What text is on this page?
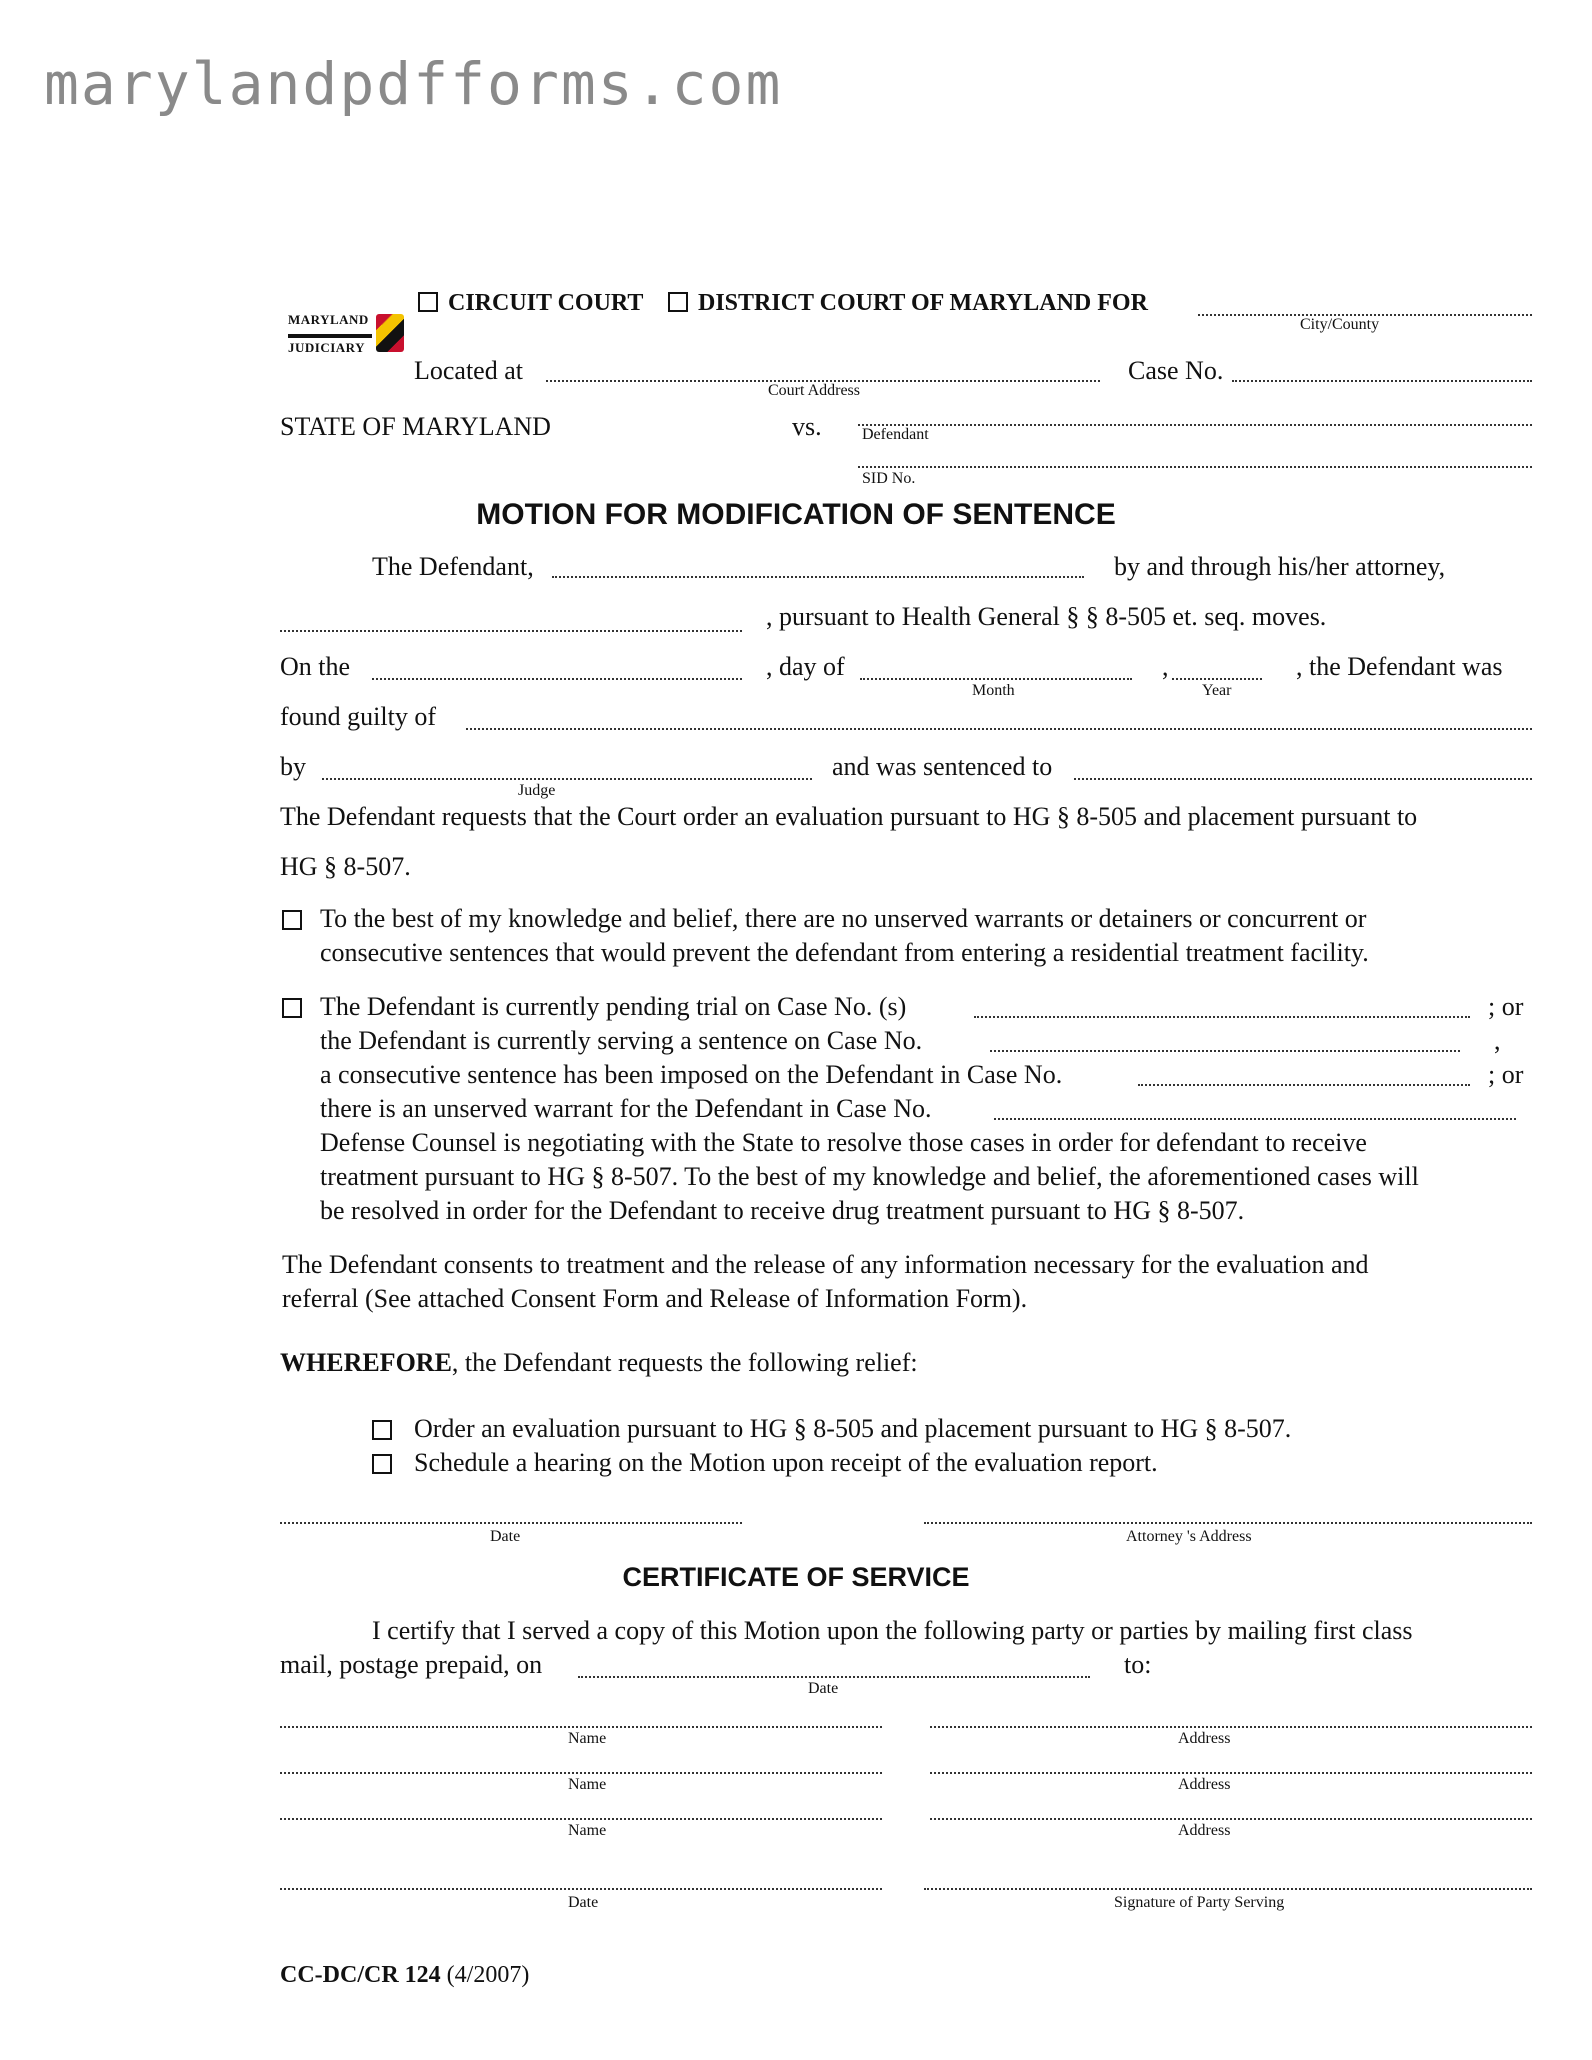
marylandpdfforms.com
MARYLAND
JUDICIARY
CIRCUIT COURT DISTRICT COURT OF MARYLAND FOR
City/County
Located at
Court Address
Case No.
STATE OF MARYLAND	vs.	Defendant
SID No.
MOTION FOR MODIFICATION OF SENTENCE
The Defendant,	by and through his/her attorney,
, pursuant to Health General § § 8-505 et. seq. moves.
On the	, day of
Month
,
Year
, the Defendant was
found guilty of
by
Judge
and was sentenced to
The Defendant requests that the Court order an evaluation pursuant to HG § 8-505 and placement pursuant to
HG § 8-507.
To the best of my knowledge and belief, there are no unserved warrants or detainers or concurrent or
consecutive sentences that would prevent the defendant from entering a residential treatment facility.
The Defendant is currently pending trial on Case No. (s)	; or
the Defendant is currently serving a sentence on Case No.	,
a consecutive sentence has been imposed on the Defendant in Case No.	; or
there is an unserved warrant for the Defendant in Case No.
Defense Counsel is negotiating with the State to resolve those cases in order for defendant to receive
treatment pursuant to HG § 8-507. To the best of my knowledge and belief, the aforementioned cases will
be resolved in order for the Defendant to receive drug treatment pursuant to HG § 8-507.
The Defendant consents to treatment and the release of any information necessary for the evaluation and
referral (See attached Consent Form and Release of Information Form).
WHEREFORE, the Defendant requests the following relief:
Order an evaluation pursuant to HG § 8-505 and placement pursuant to HG § 8-507.
Schedule a hearing on the Motion upon receipt of the evaluation report.
Date	Attorney 's Address
CERTIFICATE OF SERVICE
I certify that I served a copy of this Motion upon the following party or parties by mailing first class
mail, postage prepaid, on
Date
to:
Name	Address
Name	Address
Name	Address
Date	Signature of Party Serving
CC-DC/CR 124 (4/2007)
